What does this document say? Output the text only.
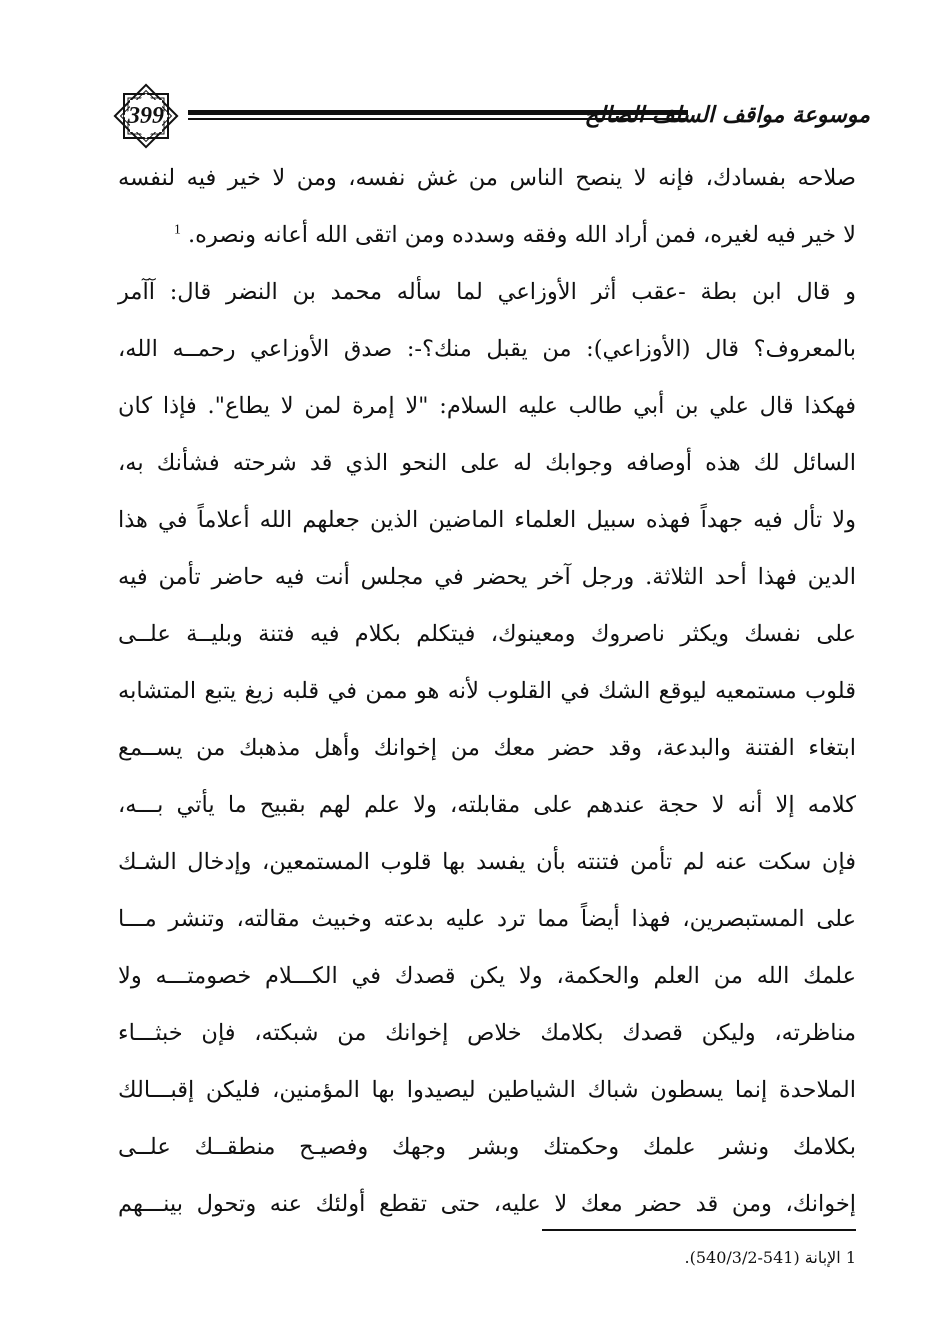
399	موسوعة مواقف السلف الصالح
صلاحه بفسادك، فإنه لا ينصح الناس من غش نفسه، ومن لا خير فيه لنفسه
لا خير فيه لغيره، فمن أراد الله وفقه وسدده ومن اتقى الله أعانه ونصره. $^1$
و قال ابن بطة -عقب أثر الأوزاعي لما سأله محمد بن النضر قال: آآمر
بالمعروف؟ قال (الأوزاعي): من يقبل منك؟-: صدق الأوزاعي رحمــه الله،
فهكذا قال علي بن أبي طالب عليه السلام: "لا إمرة لمن لا يطاع". فإذا كان
السائل لك هذه أوصافه وجوابك له على النحو الذي قد شرحته فشأنك به،
ولا تأل فيه جهداً فهذه سبيل العلماء الماضين الذين جعلهم الله أعلاماً في هذا
الدين فهذا أحد الثلاثة. ورجل آخر يحضر في مجلس أنت فيه حاضر تأمن فيه
على نفسك ويكثر ناصروك ومعينوك، فيتكلم بكلام فيه فتنة وبليــة علــى
قلوب مستمعيه ليوقع الشك في القلوب لأنه هو ممن في قلبه زيغ يتبع المتشابه
ابتغاء الفتنة والبدعة، وقد حضر معك من إخوانك وأهل مذهبك من يســمع
كلامه إلا أنه لا حجة عندهم على مقابلته، ولا علم لهم بقبيح ما يأتي بـــه،
فإن سكت عنه لم تأمن فتنته بأن يفسد بها قلوب المستمعين، وإدخال الشـك
على المستبصرين، فهذا أيضاً مما ترد عليه بدعته وخبيث مقالته، وتنشر مـــا
علمك الله من العلم والحكمة، ولا يكن قصدك في الكـــلام خصومتـــه ولا
مناظرته، وليكن قصدك بكلامك خلاص إخوانك من شبكته، فإن خبثـــاء
الملاحدة إنما يسطون شباك الشياطين ليصيدوا بها المؤمنين، فليكن إقبـــالك
بكلامك ونشر علمك وحكمتك وبشر وجهك وفصيـح منطقــك علــى
إخوانك، ومن قد حضر معك لا عليه، حتى تقطع أولئك عنه وتحول بينـــهم
1 الإبانة (541-540/3/2).
